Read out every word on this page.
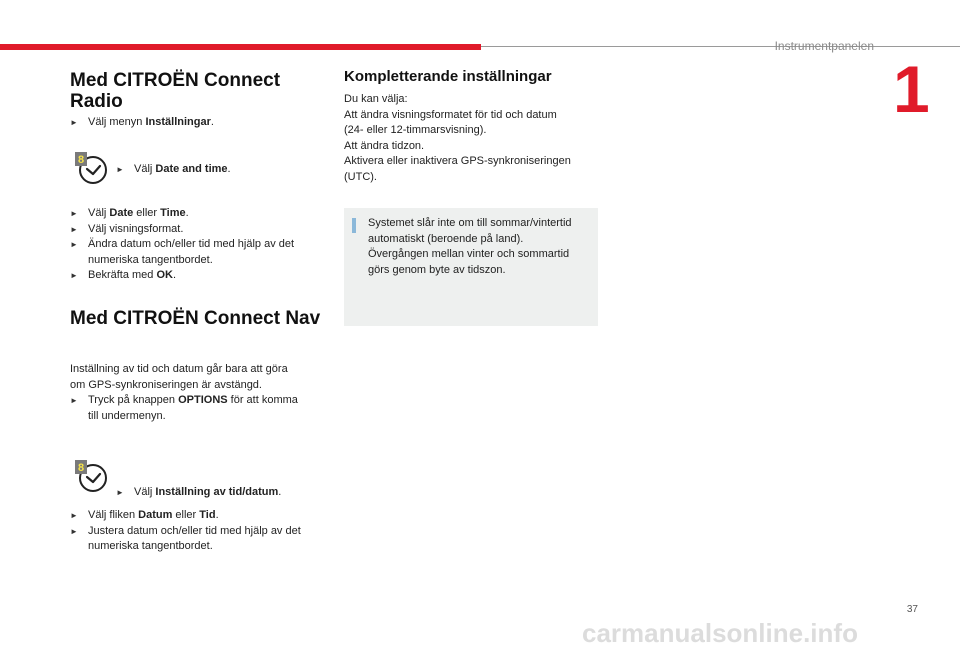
Instrumentpanelen
1
Med CITROËN Connect Radio
► Välj menyn Inställningar.
8
► Välj Date and time.
► Välj Date eller Time.
► Välj visningsformat.
► Ändra datum och/eller tid med hjälp av det
numeriska tangentbordet.
► Bekräfta med OK.
Med CITROËN Connect Nav
Inställning av tid och datum går bara att göra
om GPS-synkroniseringen är avstängd.
► Tryck på knappen OPTIONS för att komma
till undermenyn.
8
► Välj Inställning av tid/datum.
► Välj fliken Datum eller Tid.
► Justera datum och/eller tid med hjälp av det
numeriska tangentbordet.
Kompletterande inställningar
Du kan välja:
Att ändra visningsformatet för tid och datum
(24- eller 12-timmarsvisning).
Att ändra tidzon.
Aktivera eller inaktivera GPS-synkroniseringen
(UTC).
Systemet slår inte om till sommar/vintertid
automatiskt (beroende på land).
Övergången mellan vinter och sommartid
görs genom byte av tidszon.
37
carmanualsonline.info
